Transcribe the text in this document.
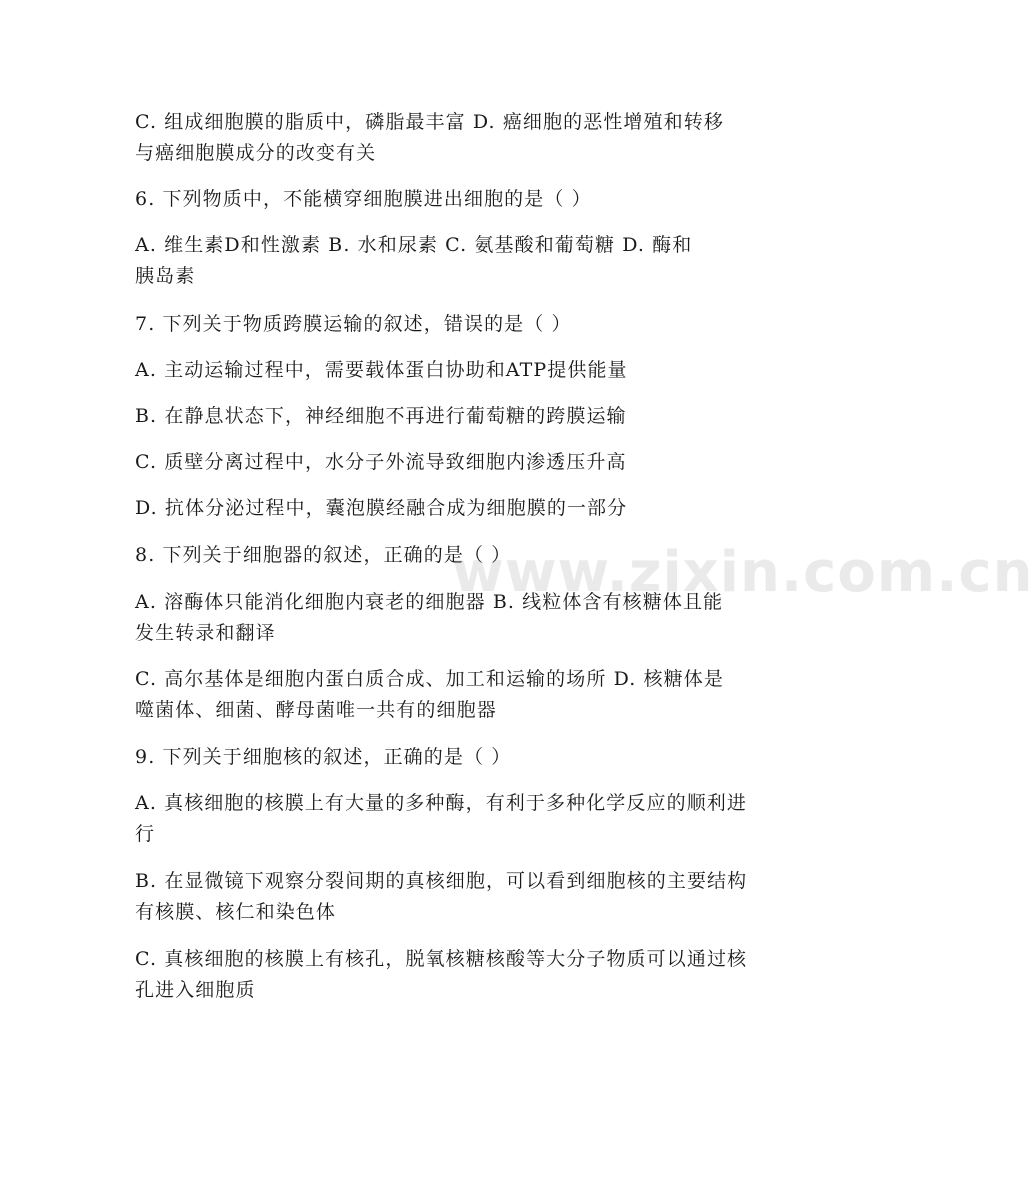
www.zixin.com.cn
C. 组成细胞膜的脂质中，磷脂最丰富 D. 癌细胞的恶性增殖和转移
与癌细胞膜成分的改变有关
6. 下列物质中，不能横穿细胞膜进出细胞的是（ ）
A. 维生素D和性激素 B. 水和尿素 C. 氨基酸和葡萄糖 D. 酶和
胰岛素
7. 下列关于物质跨膜运输的叙述，错误的是（ ）
A. 主动运输过程中，需要载体蛋白协助和ATP提供能量
B. 在静息状态下，神经细胞不再进行葡萄糖的跨膜运输
C. 质壁分离过程中，水分子外流导致细胞内渗透压升高
D. 抗体分泌过程中，囊泡膜经融合成为细胞膜的一部分
8. 下列关于细胞器的叙述，正确的是（ ）
A. 溶酶体只能消化细胞内衰老的细胞器 B. 线粒体含有核糖体且能
发生转录和翻译
C. 高尔基体是细胞内蛋白质合成、加工和运输的场所 D. 核糖体是
噬菌体、细菌、酵母菌唯一共有的细胞器
9. 下列关于细胞核的叙述，正确的是（ ）
A. 真核细胞的核膜上有大量的多种酶，有利于多种化学反应的顺利进
行
B. 在显微镜下观察分裂间期的真核细胞，可以看到细胞核的主要结构
有核膜、核仁和染色体
C. 真核细胞的核膜上有核孔，脱氧核糖核酸等大分子物质可以通过核
孔进入细胞质
